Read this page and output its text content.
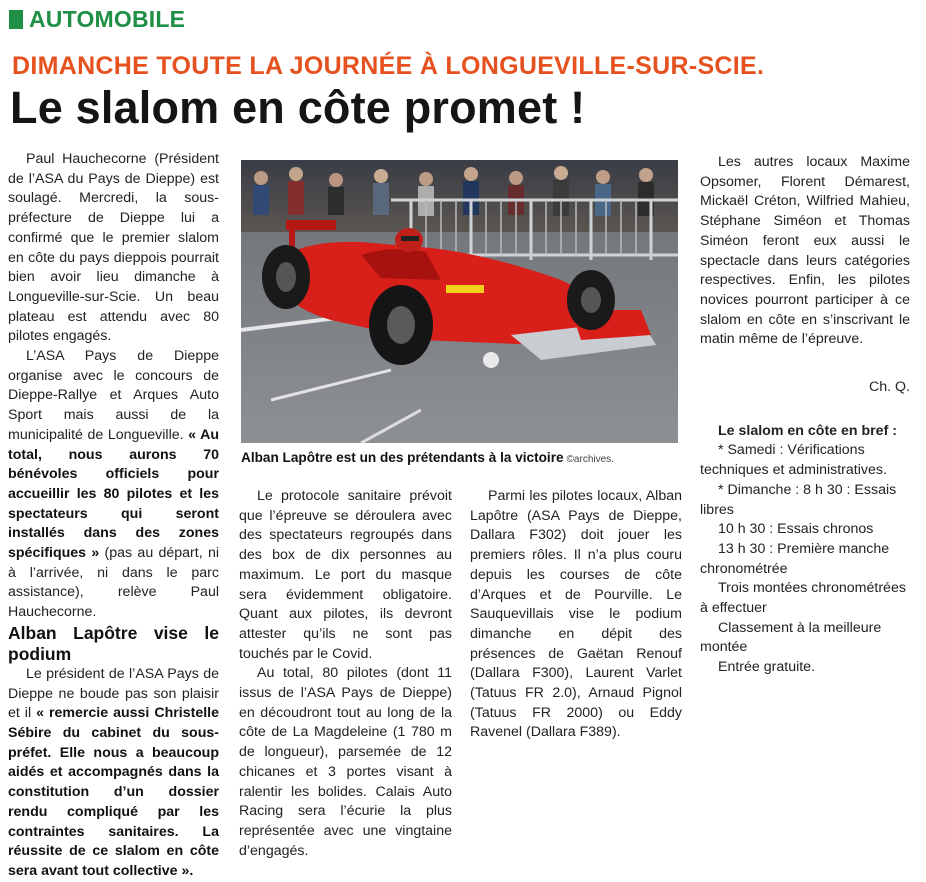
AUTOMOBILE
DIMANCHE TOUTE LA JOURNÉE À LONGUEVILLE-SUR-SCIE.
Le slalom en côte promet !

Paul Hauchecorne (Président de l’ASA du Pays de Dieppe) est soulagé. Mercredi, la sous-préfecture de Dieppe lui a confirmé que le premier slalom en côte du pays dieppois pourrait bien avoir lieu dimanche à Longueville-sur-Scie. Un beau plateau est attendu avec 80 pilotes engagés.

L’ASA Pays de Dieppe organise avec le concours de Dieppe-Rallye et Arques Auto Sport mais aussi de la municipalité de Longueville. « Au total, nous aurons 70 bénévoles officiels pour accueillir les 80 pilotes et les spectateurs qui seront installés dans des zones spécifiques » (pas au départ, ni à l’arrivée, ni dans le parc assistance), relève Paul Hauchecorne.

Alban Lapôtre vise le podium

Le président de l’ASA Pays de Dieppe ne boude pas son plaisir et il « remercie aussi Christelle Sébire du cabinet du sous-préfet. Elle nous a beaucoup aidés et accompagnés dans la constitution d’un dossier rendu compliqué par les contraintes sanitaires. La réussite de ce slalom en côte sera avant tout collective ».

Le protocole sanitaire prévoit que l’épreuve se déroulera avec des spectateurs regroupés dans des box de dix personnes au maximum. Le port du masque sera évidemment obligatoire. Quant aux pilotes, ils devront attester qu’ils ne sont pas touchés par le Covid.

Au total, 80 pilotes (dont 11 issus de l’ASA Pays de Dieppe) en découdront tout au long de la côte de La Magdeleine (1 780 m de longueur), parsemée de 12 chicanes et 3 portes visant à ralentir les bolides. Calais Auto Racing sera l’écurie la plus représentée avec une vingtaine d’engagés.

Parmi les pilotes locaux, Alban Lapôtre (ASA Pays de Dieppe, Dallara F302) doit jouer les premiers rôles. Il n’a plus couru depuis les courses de côte d’Arques et de Pourville. Le Sauquevillais vise le podium dimanche en dépit des présences de Gaëtan Renouf (Dallara F300), Laurent Varlet (Tatuus FR 2.0), Arnaud Pignol (Tatuus FR 2000) ou Eddy Ravenel (Dallara F389).

Les autres locaux Maxime Opsomer, Florent Démarest, Mickaël Créton, Wilfried Mahieu, Stéphane Siméon et Thomas Siméon feront eux aussi le spectacle dans leurs catégories respectives. Enfin, les pilotes novices pourront participer à ce slalom en côte en s’inscrivant le matin même de l’épreuve.

Ch. Q.

Le slalom en côte en bref :

* Samedi : Vérifications techniques et administratives.

* Dimanche : 8 h 30 : Essais libres

10 h 30 : Essais chronos

13 h 30 : Première manche chronométrée

Trois montées chronométrées à effectuer

Classement à la meilleure montée

Entrée gratuite.

Alban Lapôtre est un des prétendants à la victoire ©archives.
